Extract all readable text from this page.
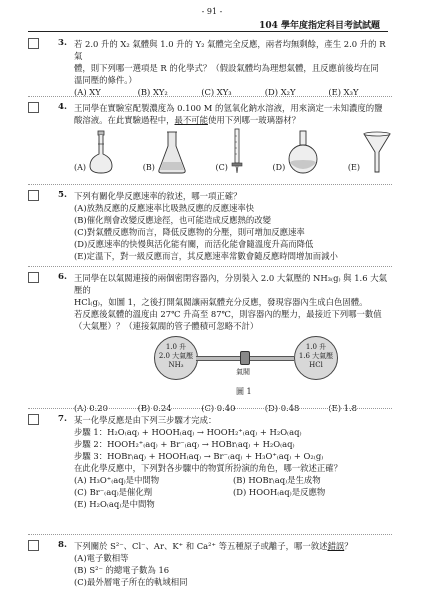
- 91 -
104 學年度指定科目考試試題
3. 若 2.0 升的 X₂ 氣體與 1.0 升的 Y₂ 氣體完全反應，兩者均無剩餘，產生 2.0 升的 R 氣

體，則下列哪一選項是 R 的化學式？（假設氣體均為理想氣體，且反應前後均在同

溫同壓的條件。）

(A) XY	(B) XY₂	(C) XY₃	(D) X₂Y	(E) X₃Y
4. 王同學在實驗室配製濃度為 0.100 M 的氫氧化鈉水溶液，用來滴定一未知濃度的鹽

酸溶液。在此實驗過程中，最不可能使用下列哪一玻璃器材？

(A)	(B)	(C)	(D)	(E)
5. 下列有關化學反應速率的敘述，哪一項正確？

(A)放熱反應的反應速率比吸熱反應的反應速率快

(B)催化劑會改變反應途徑，也可能造成反應熱的改變

(C)對氣體反應物而言，降低反應物的分壓，則可增加反應速率

(D)反應速率的快慢與活化能有關，而活化能會隨溫度升高而降低

(E)定溫下，對一級反應而言，其反應速率常數會隨反應時間增加而減小

6. 王同學在以氣閥連接的兩個密閉容器內，分別裝入 2.0 大氣壓的 NH₃₍g₎ 與 1.6 大氣壓的

HCl₍g₎，如圖 1，之後打開氣閥讓兩氣體充分反應，發現容器內生成白色固體。

若反應後氣體的溫度由 27℃ 升高至 87℃，則容器內的壓力，最接近下列哪一數值

（大氣壓）？（連接氣閥的管子體積可忽略不計）

1.0 升
2.0 大氣壓
NH₃
氣閥
1.0 升
1.6 大氣壓
HCl
圖 1
(A) 0.20	(B) 0.24	(C) 0.40	(D) 0.48	(E) 1.8
7. 某一化學反應是由下列三步驟才完成：

步驟 1：H₂O₍aq₎ + HOOH₍aq₎ → HOOH₂⁺₍aq₎ + H₂O₍aq₎

步驟 2：HOOH₂⁺₍aq₎ + Br⁻₍aq₎ → HOBr₍aq₎ + H₂O₍aq₎

步驟 3：HOBr₍aq₎ + HOOH₍aq₎ → Br⁻₍aq₎ + H₃O⁺₍aq₎ + O₂₍g₎

在此化學反應中，下列對各步驟中的物質所扮演的角色，哪一敘述正確？

(A) H₃O⁺₍aq₎是中間物	(B) HOBr₍aq₎是生成物
(C) Br⁻₍aq₎是催化劑	(D) HOOH₍aq₎是反應物

(E) H₂O₍aq₎是中間物

8. 下列關於 S²⁻、Cl⁻、Ar、K⁺ 和 Ca²⁺ 等五種原子或離子，哪一敘述錯誤？

(A)電子數相等

(B) S²⁻ 的總電子數為 16

(C)最外層電子所在的軌域相同
